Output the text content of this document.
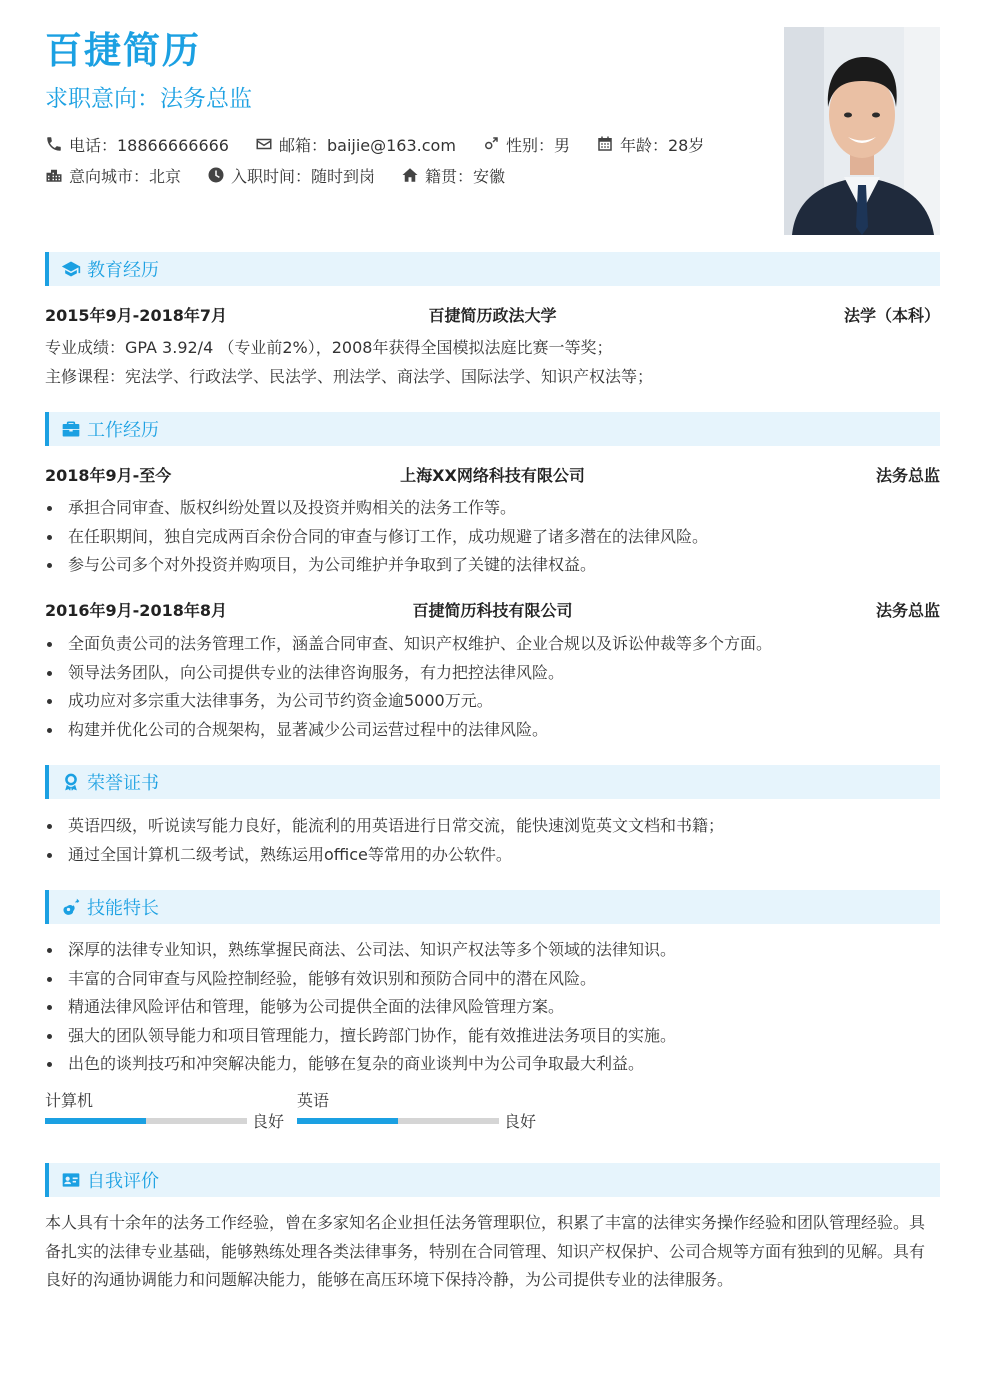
百捷简历
求职意向：法务总监
电话：18866666666	邮箱：baijie@163.com	性别：男	年龄：28岁
意向城市：北京	入职时间：随时到岗	籍贯：安徽
教育经历
2015年9月-2018年7月	百捷简历政法大学	法学（本科）
专业成绩：GPA 3.92/4 （专业前2%），2008年获得全国模拟法庭比赛一等奖；
主修课程：宪法学、行政法学、民法学、刑法学、商法学、国际法学、知识产权法等；
工作经历
2018年9月-至今	上海XX网络科技有限公司	法务总监
承担合同审查、版权纠纷处置以及投资并购相关的法务工作等。
在任职期间，独自完成两百余份合同的审查与修订工作，成功规避了诸多潜在的法律风险。
参与公司多个对外投资并购项目，为公司维护并争取到了关键的法律权益。
2016年9月-2018年8月	百捷简历科技有限公司	法务总监
全面负责公司的法务管理工作，涵盖合同审查、知识产权维护、企业合规以及诉讼仲裁等多个方面。
领导法务团队，向公司提供专业的法律咨询服务，有力把控法律风险。
成功应对多宗重大法律事务，为公司节约资金逾5000万元。
构建并优化公司的合规架构，显著减少公司运营过程中的法律风险。
荣誉证书
英语四级，听说读写能力良好，能流利的用英语进行日常交流，能快速浏览英文文档和书籍；
通过全国计算机二级考试，熟练运用office等常用的办公软件。
技能特长
深厚的法律专业知识，熟练掌握民商法、公司法、知识产权法等多个领域的法律知识。
丰富的合同审查与风险控制经验，能够有效识别和预防合同中的潜在风险。
精通法律风险评估和管理，能够为公司提供全面的法律风险管理方案。
强大的团队领导能力和项目管理能力，擅长跨部门协作，能有效推进法务项目的实施。
出色的谈判技巧和冲突解决能力，能够在复杂的商业谈判中为公司争取最大利益。
计算机
良好
英语
良好
自我评价
本人具有十余年的法务工作经验，曾在多家知名企业担任法务管理职位，积累了丰富的法律实务操作经验和团队管理经验。具备扎实的法律专业基础，能够熟练处理各类法律事务，特别在合同管理、知识产权保护、公司合规等方面有独到的见解。具有良好的沟通协调能力和问题解决能力，能够在高压环境下保持冷静，为公司提供专业的法律服务。
